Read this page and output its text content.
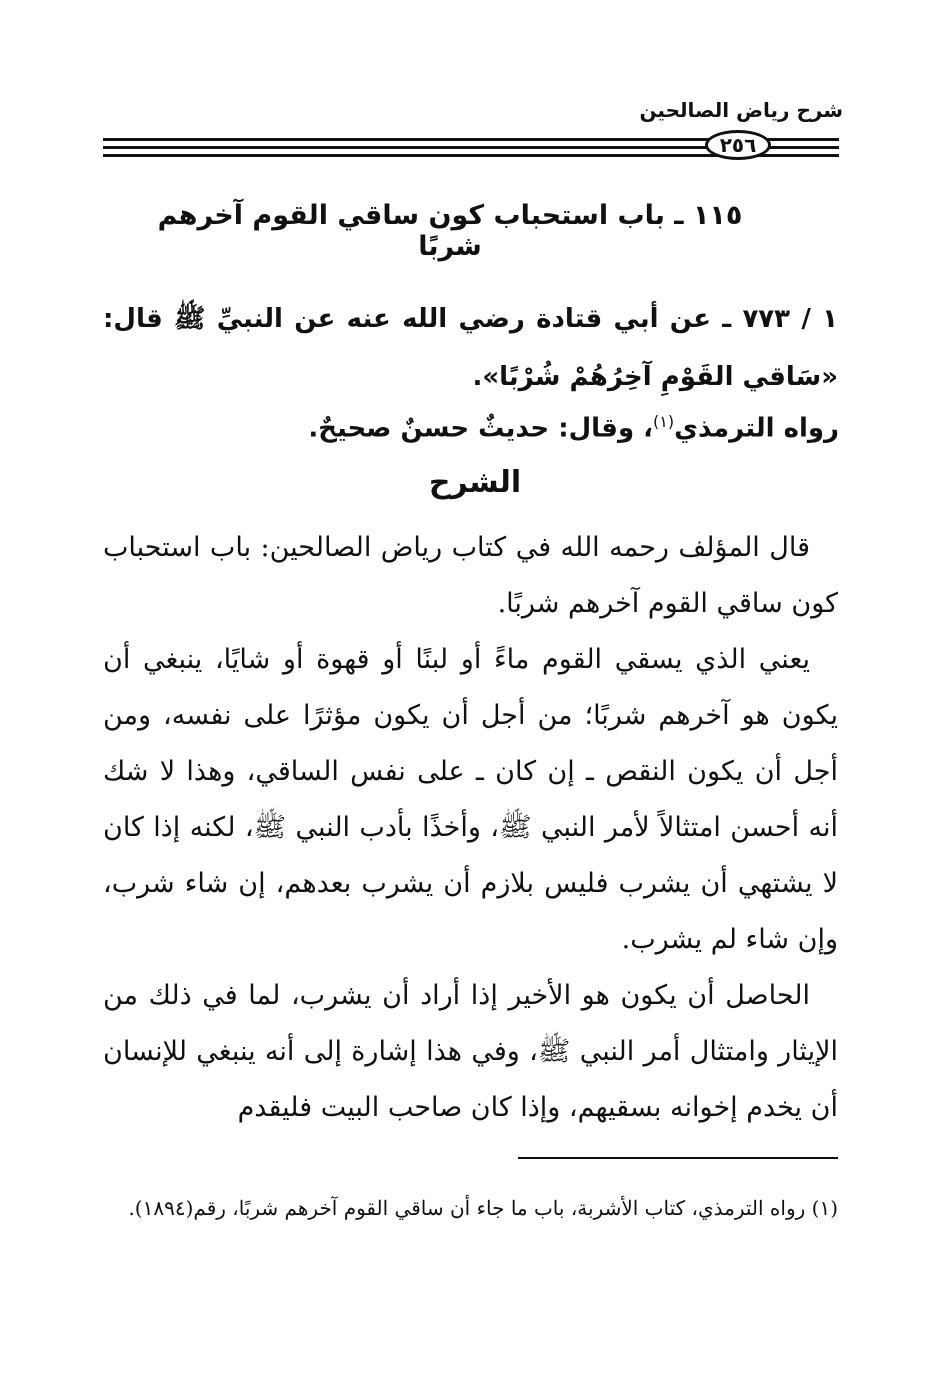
شرح رياض الصالحين
٢٥٦
١١٥ ـ باب استحباب كون ساقي القوم آخرهم شربًا
١ / ٧٧٣ ـ عن أبي قتادة رضي الله عنه عن النبيِّ ﷺ قال: «سَاقي القَوْمِ آخِرُهُمْ شُرْبًا».
رواه الترمذي$^{(١)}$، وقال: حديثٌ حسنٌ صحيحٌ.
الشرح

قال المؤلف رحمه الله في كتاب رياض الصالحين: باب استحباب كون ساقي القوم آخرهم شربًا.

يعني الذي يسقي القوم ماءً أو لبنًا أو قهوة أو شايًا، ينبغي أن يكون هو آخرهم شربًا؛ من أجل أن يكون مؤثرًا على نفسه، ومن أجل أن يكون النقص ـ إن كان ـ على نفس الساقي، وهذا لا شك أنه أحسن امتثالاً لأمر النبي ﷺ، وأخذًا بأدب النبي ﷺ، لكنه إذا كان لا يشتهي أن يشرب فليس بلازم أن يشرب بعدهم، إن شاء شرب، وإن شاء لم يشرب.

الحاصل أن يكون هو الأخير إذا أراد أن يشرب، لما في ذلك من الإيثار وامتثال أمر النبي ﷺ، وفي هذا إشارة إلى أنه ينبغي للإنسان أن يخدم إخوانه بسقيهم، وإذا كان صاحب البيت فليقدم

(١) رواه الترمذي، كتاب الأشربة، باب ما جاء أن ساقي القوم آخرهم شربًا، رقم(١٨٩٤).
